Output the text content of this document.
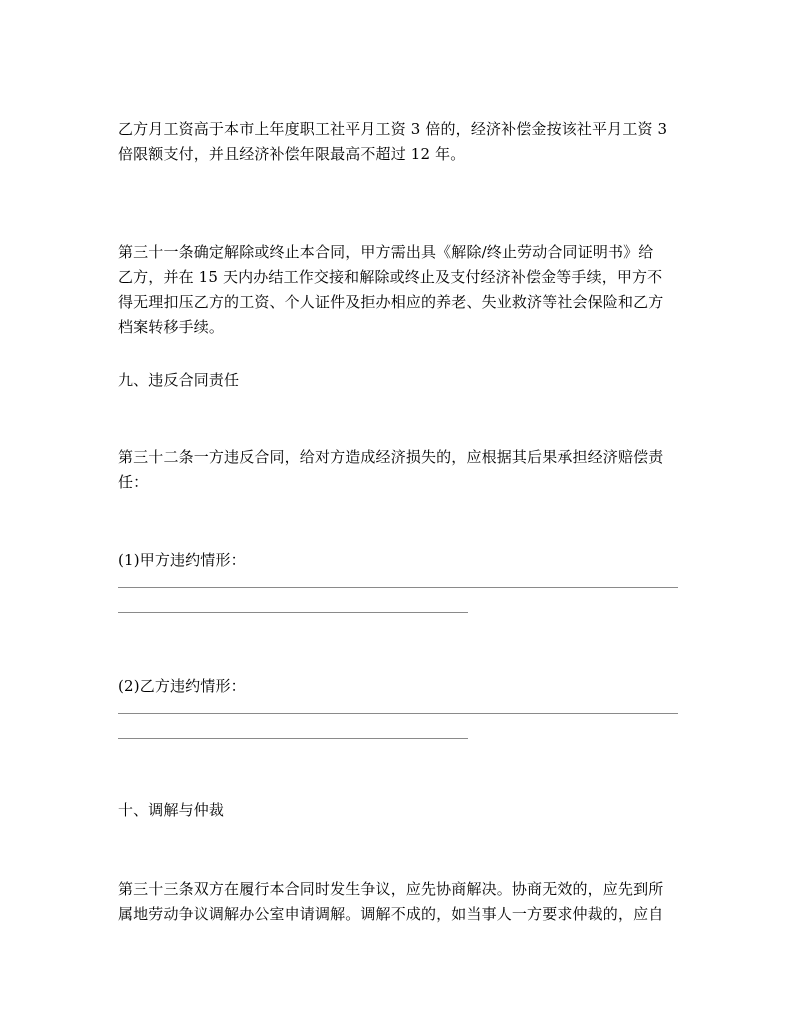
乙方月工资高于本市上年度职工社平月工资 3 倍的，经济补偿金按该社平月工资 3
倍限额支付，并且经济补偿年限最高不超过 12 年。

第三十一条确定解除或终止本合同，甲方需出具《解除/终止劳动合同证明书》给
乙方，并在 15 天内办结工作交接和解除或终止及支付经济补偿金等手续，甲方不
得无理扣压乙方的工资、个人证件及拒办相应的养老、失业救济等社会保险和乙方
档案转移手续。

九、违反合同责任

第三十二条一方违反合同，给对方造成经济损失的，应根据其后果承担经济赔偿责
任：

(1)甲方违约情形：

(2)乙方违约情形：

十、调解与仲裁

第三十三条双方在履行本合同时发生争议，应先协商解决。协商无效的，应先到所
属地劳动争议调解办公室申请调解。调解不成的，如当事人一方要求仲裁的，应自
